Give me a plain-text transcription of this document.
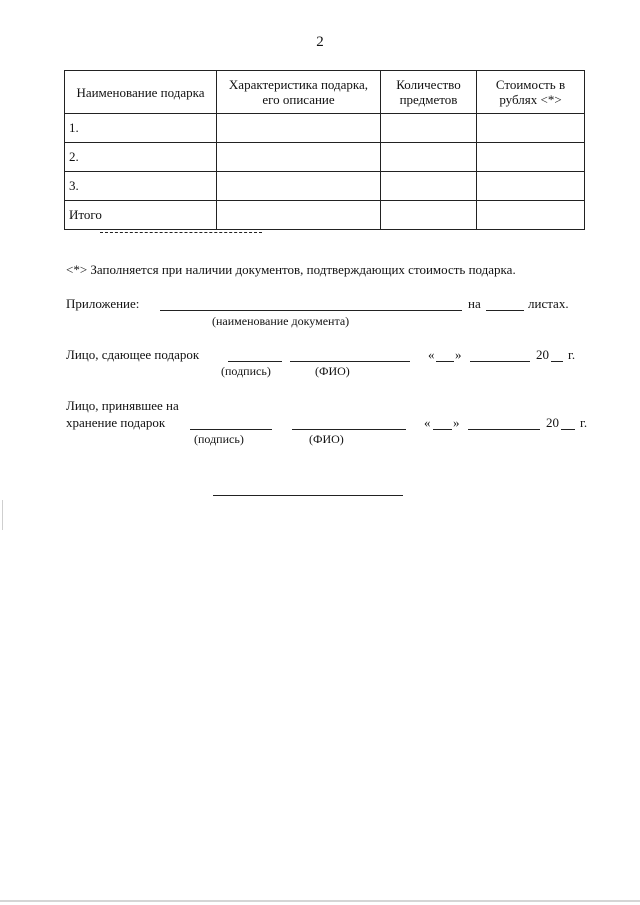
2
Наименование подарка	Характеристика подарка, его описание	Количество предметов	Стоимость в рублях <*>
1.			
2.			
3.			
Итого			
<*> Заполняется при наличии документов, подтверждающих стоимость подарка.
Приложение:	на	листах.
(наименование документа)
Лицо, сдающее подарок	« »	20 г.
(подпись)	(ФИО)
Лицо, принявшее на
хранение подарок	« »	20 г.
(подпись)	(ФИО)
